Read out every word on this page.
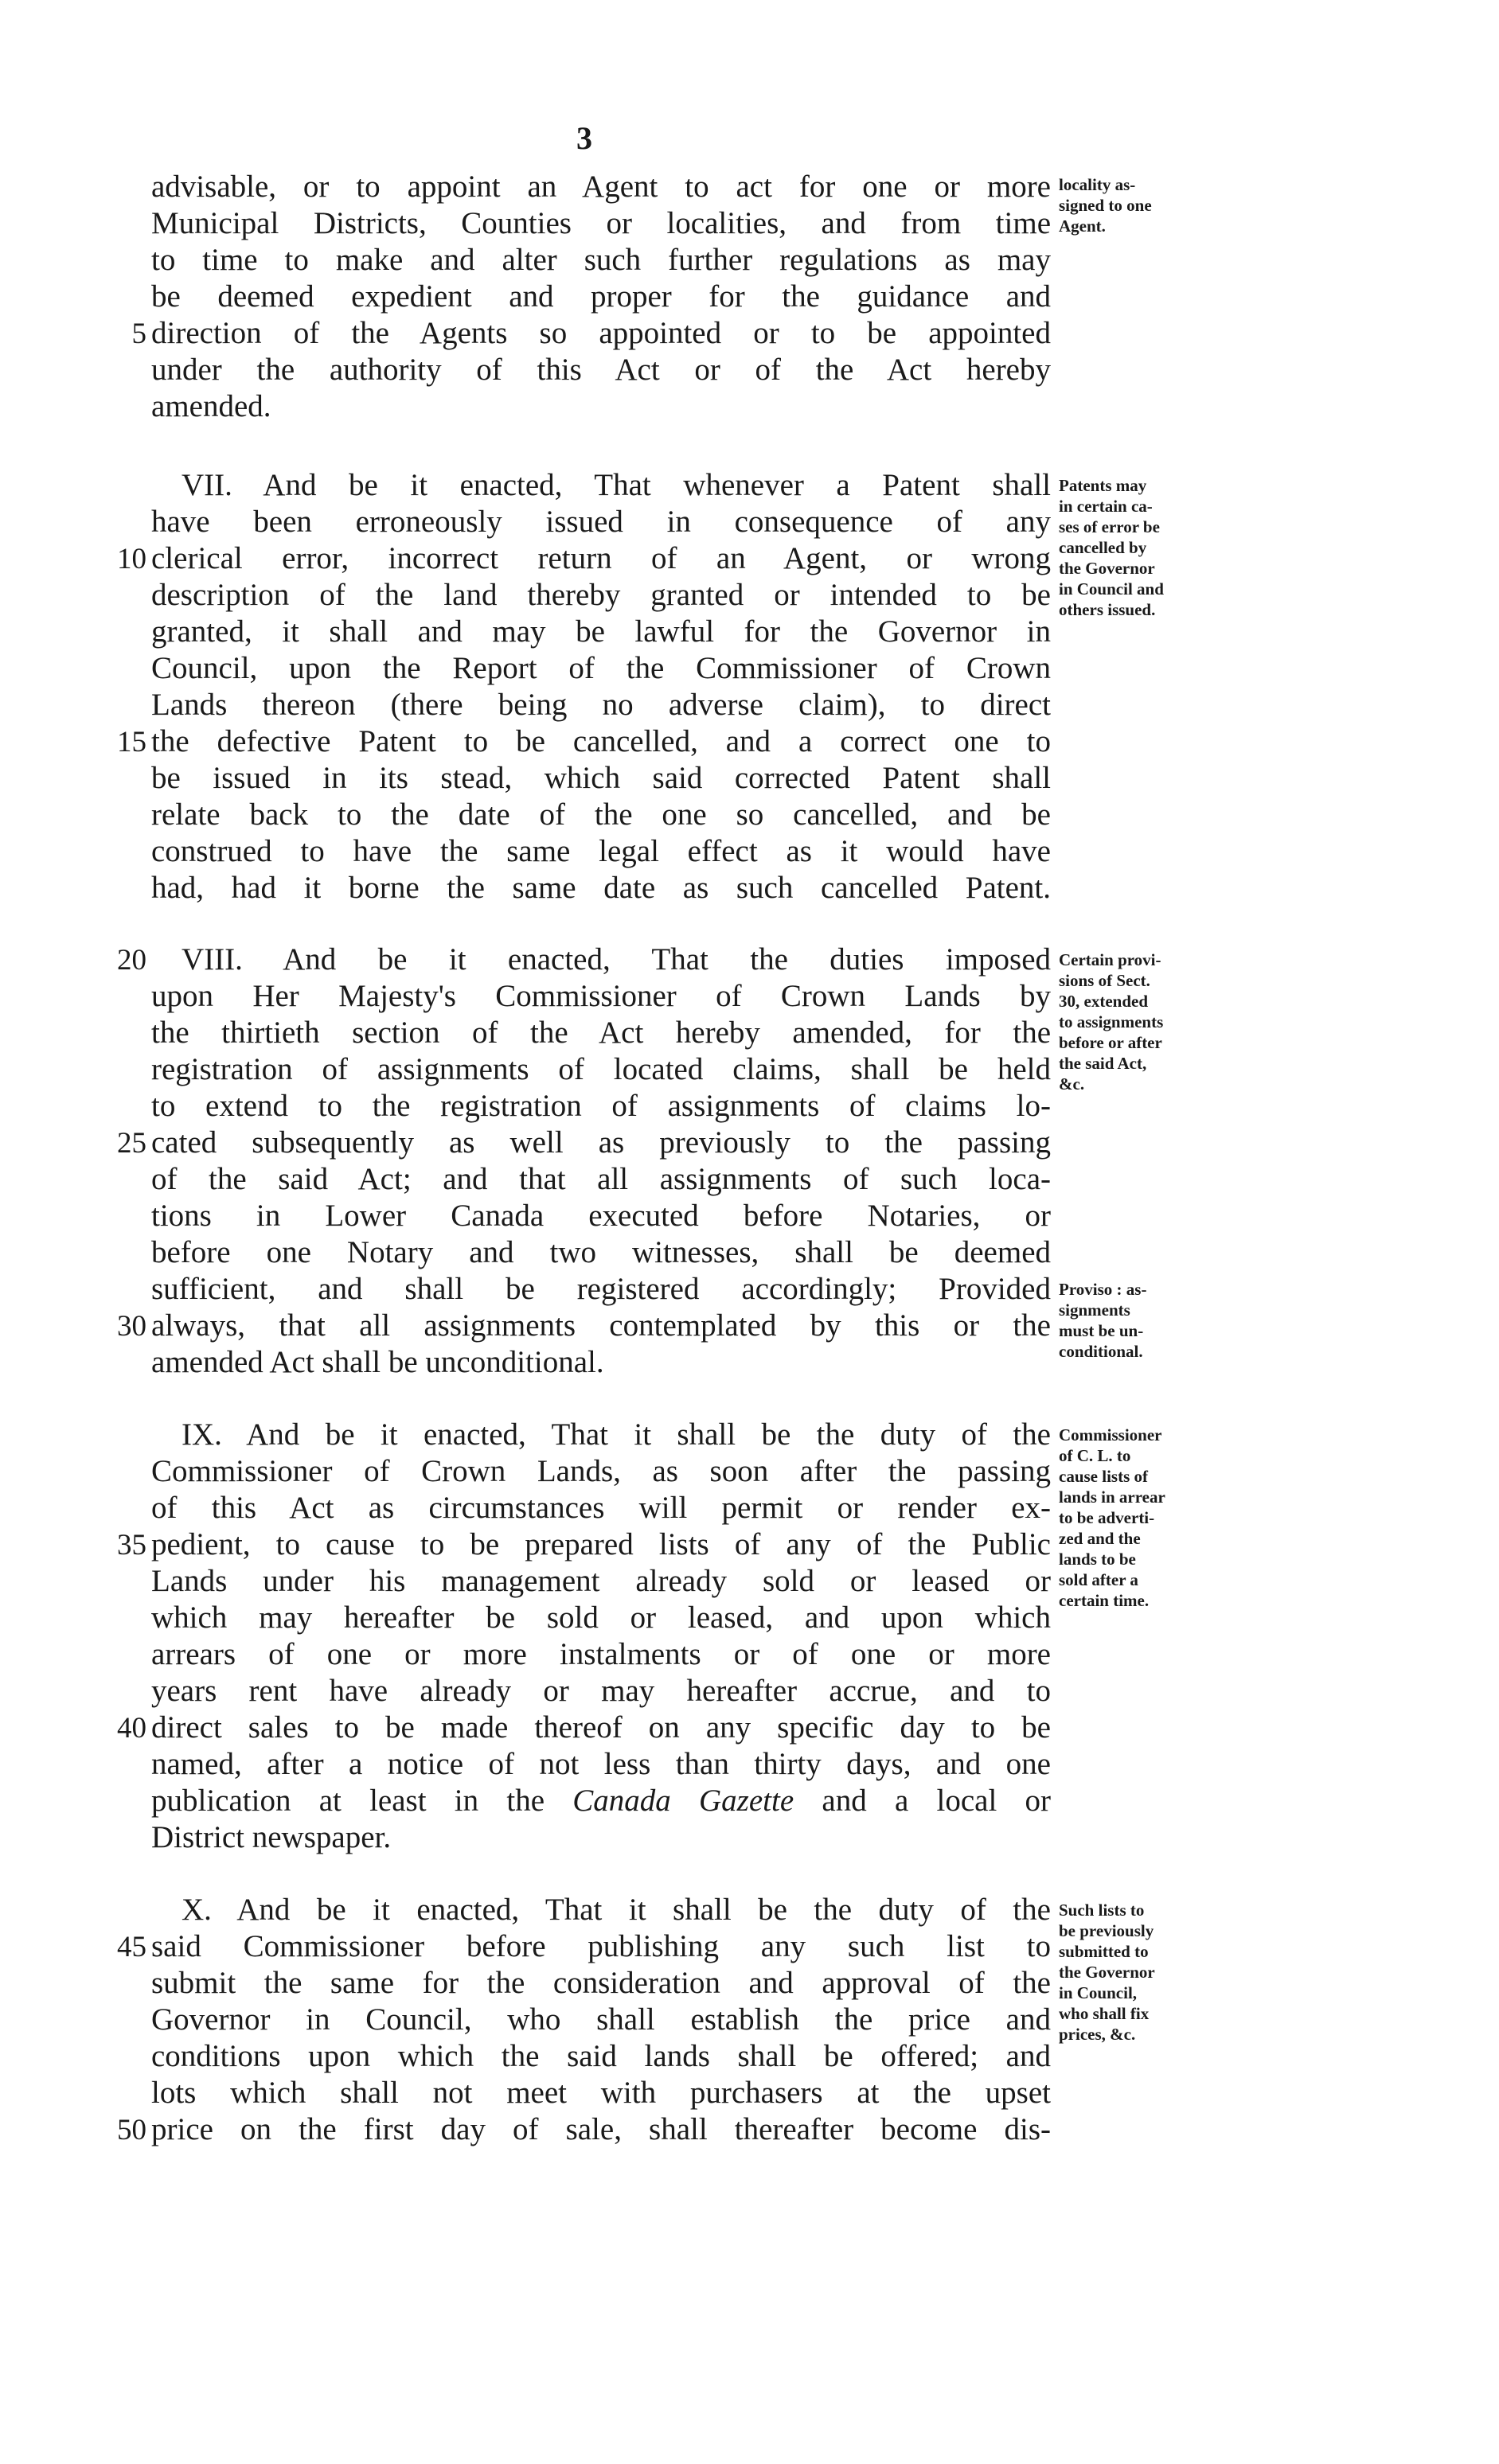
3
advisable, or to appoint an Agent to act for one or more
Municipal Districts, Counties or localities, and from time
to time to make and alter such further regulations as may
be deemed expedient and proper for the guidance and
direction of the Agents so appointed or to be appointed
under the authority of this Act or of the Act hereby
amended.
VII. And be it enacted, That whenever a Patent shall
have been erroneously issued in consequence of any
clerical error, incorrect return of an Agent, or wrong
description of the land thereby granted or intended to be
granted, it shall and may be lawful for the Governor in
Council, upon the Report of the Commissioner of Crown
Lands thereon (there being no adverse claim), to direct
the defective Patent to be cancelled, and a correct one to
be issued in its stead, which said corrected Patent shall
relate back to the date of the one so cancelled, and be
construed to have the same legal effect as it would have
had, had it borne the same date as such cancelled Patent.
VIII. And be it enacted, That the duties imposed
upon Her Majesty's Commissioner of Crown Lands by
the thirtieth section of the Act hereby amended, for the
registration of assignments of located claims, shall be held
to extend to the registration of assignments of claims lo-
cated subsequently as well as previously to the passing
of the said Act; and that all assignments of such loca-
tions in Lower Canada executed before Notaries, or
before one Notary and two witnesses, shall be deemed
sufficient, and shall be registered accordingly; Provided
always, that all assignments contemplated by this or the
amended Act shall be unconditional.
IX. And be it enacted, That it shall be the duty of the
Commissioner of Crown Lands, as soon after the passing
of this Act as circumstances will permit or render ex-
pedient, to cause to be prepared lists of any of the Public
Lands under his management already sold or leased or
which may hereafter be sold or leased, and upon which
arrears of one or more instalments or of one or more
years rent have already or may hereafter accrue, and to
direct sales to be made thereof on any specific day to be
named, after a notice of not less than thirty days, and one
publication at least in the Canada Gazette and a local or
District newspaper.
X. And be it enacted, That it shall be the duty of the
said Commissioner before publishing any such list to
submit the same for the consideration and approval of the
Governor in Council, who shall establish the price and
conditions upon which the said lands shall be offered; and
lots which shall not meet with purchasers at the upset
price on the first day of sale, shall thereafter become dis-
5
10
15
20
25
30
35
40
45
50
locality as-
signed to one
Agent.
Patents may
in certain ca-
ses of error be
cancelled by
the Governor
in Council and
others issued.
Certain provi-
sions of Sect.
30, extended
to assignments
before or after
the said Act,
&c.
Proviso : as-
signments
must be un-
conditional.
Commissioner
of C. L. to
cause lists of
lands in arrear
to be adverti-
zed and the
lands to be
sold after a
certain time.
Such lists to
be previously
submitted to
the Governor
in Council,
who shall fix
prices, &c.
